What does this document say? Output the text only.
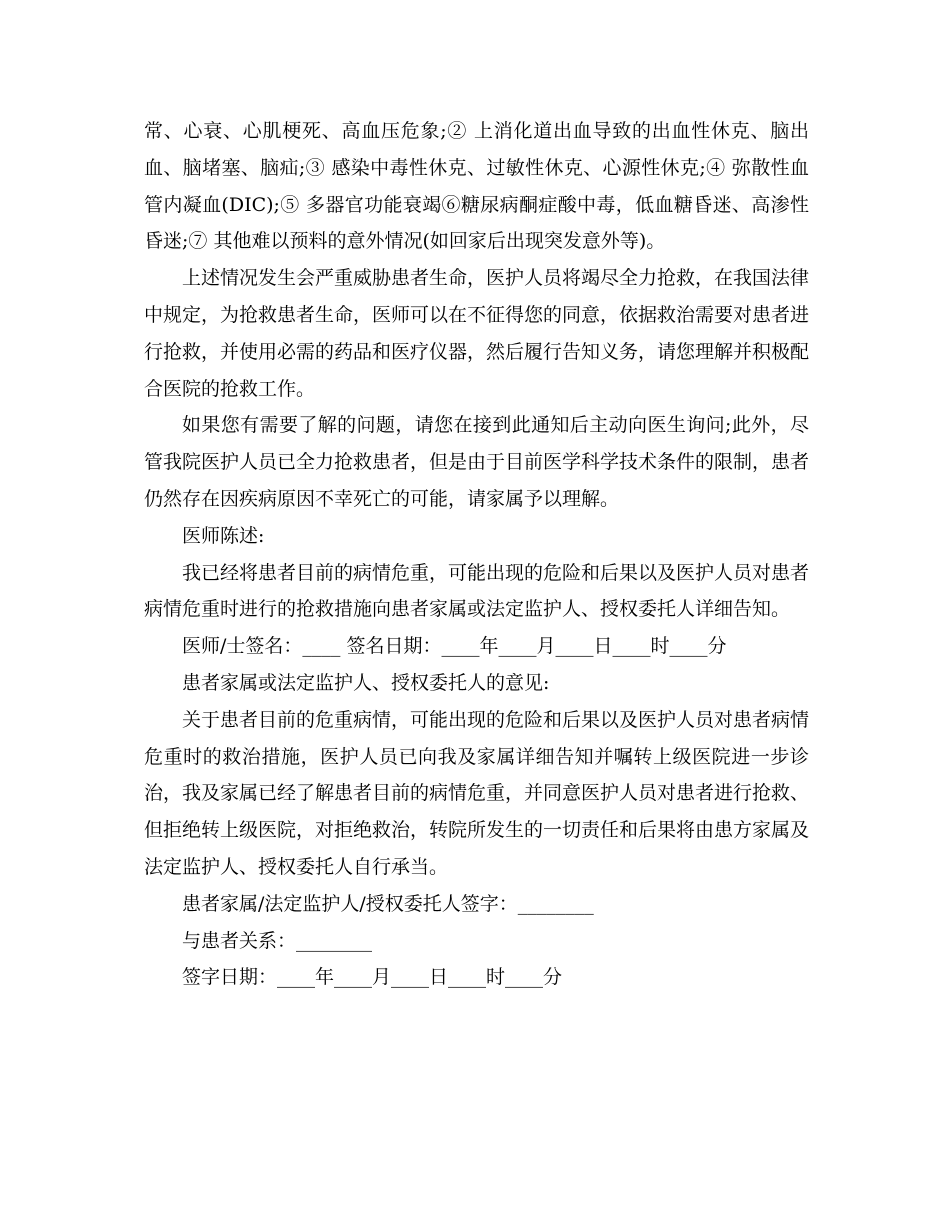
常、心衰、心肌梗死、高血压危象;② 上消化道出血导致的出血性休克、脑出血、脑堵塞、脑疝;③ 感染中毒性休克、过敏性休克、心源性休克;④ 弥散性血管内凝血(DIC);⑤ 多器官功能衰竭⑥糖尿病酮症酸中毒，低血糖昏迷、高渗性昏迷;⑦ 其他难以预料的意外情况(如回家后出现突发意外等)。

上述情况发生会严重威胁患者生命，医护人员将竭尽全力抢救，在我国法律中规定，为抢救患者生命，医师可以在不征得您的同意，依据救治需要对患者进行抢救，并使用必需的药品和医疗仪器，然后履行告知义务，请您理解并积极配合医院的抢救工作。

如果您有需要了解的问题，请您在接到此通知后主动向医生询问;此外，尽管我院医护人员已全力抢救患者，但是由于目前医学科学技术条件的限制，患者仍然存在因疾病原因不幸死亡的可能，请家属予以理解。

医师陈述:

我已经将患者目前的病情危重，可能出现的危险和后果以及医护人员对患者病情危重时进行的抢救措施向患者家属或法定监护人、授权委托人详细告知。

医师/士签名：____ 签名日期：____年____月____日____时____分

患者家属或法定监护人、授权委托人的意见:

关于患者目前的危重病情，可能出现的危险和后果以及医护人员对患者病情危重时的救治措施，医护人员已向我及家属详细告知并嘱转上级医院进一步诊治，我及家属已经了解患者目前的病情危重，并同意医护人员对患者进行抢救、但拒绝转上级医院，对拒绝救治，转院所发生的一切责任和后果将由患方家属及法定监护人、授权委托人自行承当。

患者家属/法定监护人/授权委托人签字：________

与患者关系：________

签字日期：____年____月____日____时____分
